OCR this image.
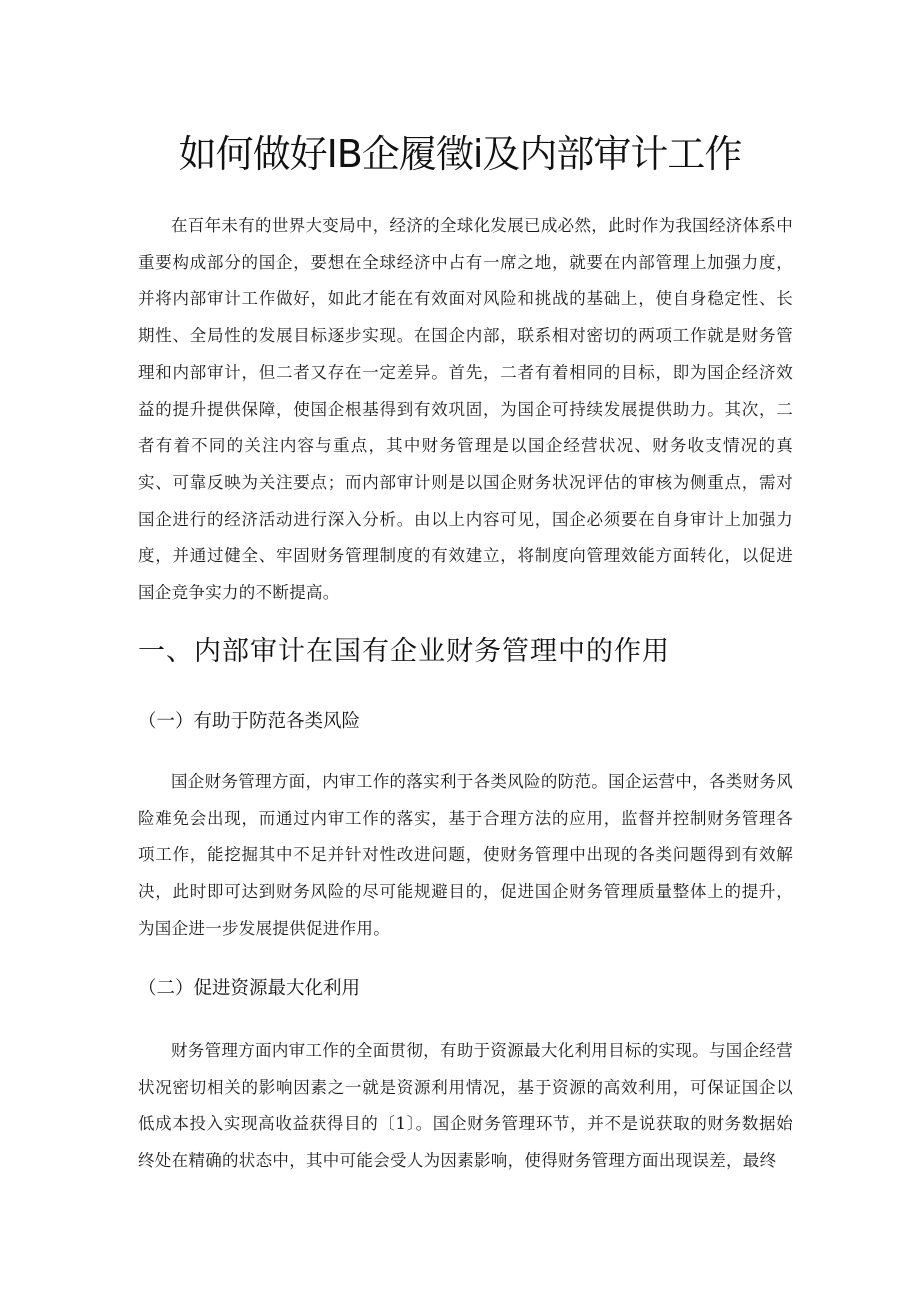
如何做好IB企履徵i及内部审计工作

在百年未有的世界大变局中，经济的全球化发展已成必然，此时作为我国经济体系中重要构成部分的国企，要想在全球经济中占有一席之地，就要在内部管理上加强力度，并将内部审计工作做好，如此才能在有效面对风险和挑战的基础上，使自身稳定性、长期性、全局性的发展目标逐步实现。在国企内部，联系相对密切的两项工作就是财务管理和内部审计，但二者又存在一定差异。首先，二者有着相同的目标，即为国企经济效益的提升提供保障，使国企根基得到有效巩固，为国企可持续发展提供助力。其次，二者有着不同的关注内容与重点，其中财务管理是以国企经营状况、财务收支情况的真实、可靠反映为关注要点；而内部审计则是以国企财务状况评估的审核为侧重点，需对国企进行的经济活动进行深入分析。由以上内容可见，国企必须要在自身审计上加强力度，并通过健全、牢固财务管理制度的有效建立，将制度向管理效能方面转化，以促进国企竞争实力的不断提高。

一、内部审计在国有企业财务管理中的作用
（一）有助于防范各类风险

国企财务管理方面，内审工作的落实利于各类风险的防范。国企运营中，各类财务风险难免会出现，而通过内审工作的落实，基于合理方法的应用，监督并控制财务管理各项工作，能挖掘其中不足并针对性改进问题，使财务管理中出现的各类问题得到有效解决，此时即可达到财务风险的尽可能规避目的，促进国企财务管理质量整体上的提升，为国企进一步发展提供促进作用。

（二）促进资源最大化利用

财务管理方面内审工作的全面贯彻，有助于资源最大化利用目标的实现。与国企经营状况密切相关的影响因素之一就是资源利用情况，基于资源的高效利用，可保证国企以低成本投入实现高收益获得目的〔1〕。国企财务管理环节，并不是说获取的财务数据始终处在精确的状态中，其中可能会受人为因素影响，使得财务管理方面出现误差，最终
